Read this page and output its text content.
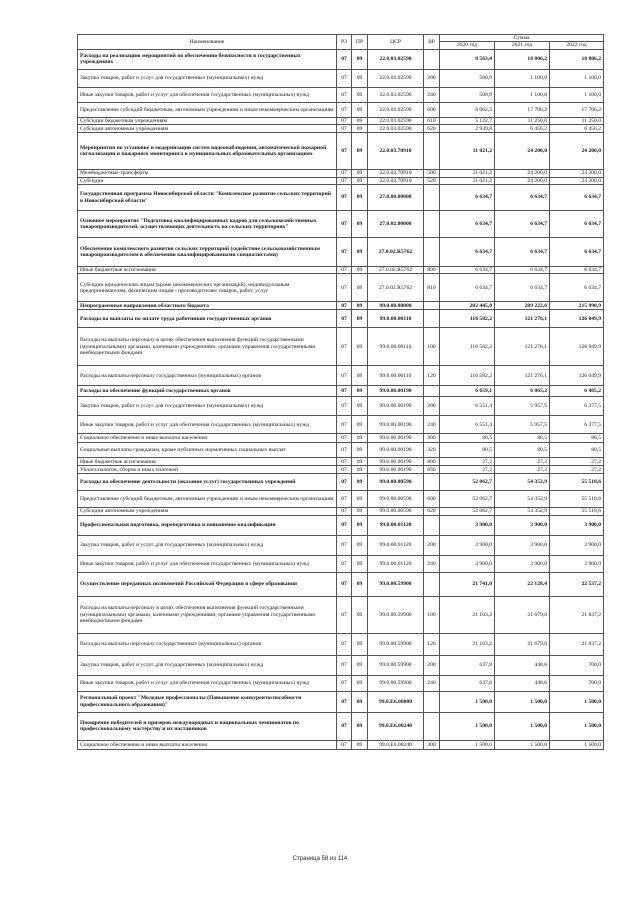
Наименование	РЗ	ПР	ЦСР	ВР	Сумма		
					2020 год	2021 год	2022 год
Расходы на реализацию мероприятий по обеспечению безопасности в государственных учреждениях	07	09	22.0.03.02590		8 563,4	18 806,2	18 806,2
Закупка товаров, работ и услуг для государственных (муниципальных) нужд	07	09	22.0.03.02590	200	500,9	1 100,0	1 100,0
Иные закупки товаров, работ и услуг для обеспечения государственных (муниципальных) нужд	07	09	22.0.03.02590	240	500,9	1 100,0	1 100,0
Предоставление субсидий бюджетным, автономным учреждениям и иным некоммерческим организациям	07	09	22.0.03.02590	600	8 062,5	17 706,2	17 706,2
Субсидии бюджетным учреждениям	07	09	22.0.03.02590	610	5 122,7	11 250,0	11 250,0
Субсидии автономным учреждениям	07	09	22.0.03.02590	620	2 939,8	6 456,2	6 456,2
Мероприятия по установке и модернизации систем видеонаблюдения, автоматической пожарной сигнализации и пожарного мониторинга в муниципальных образовательных организациях	07	09	22.0.03.70910		11 021,2	24 200,0	24 200,0
Межбюджетные трансферты	07	09	22.0.03.70910	500	11 021,2	24 200,0	24 200,0
Субсидии	07	09	22.0.03.70910	520	11 021,2	24 200,0	24 200,0
Государственная программа Новосибирской области "Комплексное развитие сельских территорий в Новосибирской области"	07	09	27.0.00.00000		6 634,7	6 634,7	6 634,7
Основное мероприятие "Подготовка квалифицированных кадров для сельскохозяйственных товаропроизводителей, осуществляющих деятельность на сельских территориях"	07	09	27.0.02.00000		6 634,7	6 634,7	6 634,7
Обеспечение комплексного развития сельских территорий (содействие сельскохозяйственным товаропроизводителям в обеспечении квалифицированными специалистами)	07	09	27.0.02.R5762		6 634,7	6 634,7	6 634,7
Иные бюджетные ассигнования	07	09	27.0.02.R5762	800	6 634,7	6 634,7	6 634,7
Субсидии юридическим лицам (кроме некоммерческих организаций), индивидуальным предпринимателям, физическим лицам - производителям товаров, работ, услуг	07	09	27.0.02.R5762	810	6 634,7	6 634,7	6 634,7
Непрограммные направления областного бюджета	07	09	99.0.00.00000		202 445,0	209 222,6	215 990,9
Расходы на выплаты по оплате труда работников государственных органов	07	09	99.0.00.00110		116 582,2	121 276,1	126 049,9
Расходы на выплаты персоналу в целях обеспечения выполнения функций государственными (муниципальными) органами, казенными учреждениями, органами управления государственными внебюджетными фондами	07	09	99.0.00.00110	100	116 582,2	121 276,1	126 049,9
Расходы на выплаты персоналу государственных (муниципальных) органов	07	09	99.0.00.00110	120	116 582,2	121 276,1	126 049,9
Расходы на обеспечение функций государственных органов	07	09	99.0.00.00190		6 659,1	6 065,2	6 485,2
Закупка товаров, работ и услуг для государственных (муниципальных) нужд	07	09	99.0.00.00190	200	6 551,4	5 957,5	6 377,5
Иные закупки товаров, работ и услуг для обеспечения государственных (муниципальных) нужд	07	09	99.0.00.00190	240	6 551,4	5 957,5	6 377,5
Социальное обеспечение и иные выплаты населению	07	09	99.0.00.00190	300	80,5	80,5	80,5
Социальные выплаты гражданам, кроме публичных нормативных социальных выплат	07	09	99.0.00.00190	320	80,5	80,5	80,5
Иные бюджетные ассигнования	07	09	99.0.00.00190	800	27,2	27,2	27,2
Уплата налогов, сборов и иных платежей	07	09	99.0.00.00190	850	27,2	27,2	27,2
Расходы на обеспечение деятельности (оказание услуг) государственных учреждений	07	09	99.0.00.00590		52 062,7	54 352,9	55 518,6
Предоставление субсидий бюджетным, автономным учреждениям и иным некоммерческим организациям	07	09	99.0.00.00590	600	52 062,7	54 352,9	55 518,6
Субсидии автономным учреждениям	07	09	99.0.00.00590	620	52 062,7	54 352,9	55 518,6
Профессиональная подготовка, переподготовка и повышение квалификации	07	09	99.0.00.01120		3 900,0	3 900,0	3 900,0
Закупка товаров, работ и услуг для государственных (муниципальных) нужд	07	09	99.0.00.01120	200	3 900,0	3 900,0	3 900,0
Иные закупки товаров, работ и услуг для обеспечения государственных (муниципальных) нужд	07	09	99.0.00.01120	240	3 900,0	3 900,0	3 900,0
Осуществление переданных полномочий Российской Федерации в сфере образования	07	09	99.0.00.59900		21 741,0	22 128,4	22 537,2
Расходы на выплаты персоналу в целях обеспечения выполнения функций государственными (муниципальными) органами, казенными учреждениями, органами управления государственными внебюджетными фондами	07	09	99.0.00.59900	100	21 103,2	21 679,8	21 837,2
Расходы на выплаты персоналу государственных (муниципальных) органов	07	09	99.0.00.59900	120	21 103,2	21 679,8	21 837,2
Закупка товаров, работ и услуг для государственных (муниципальных) нужд	07	09	99.0.00.59900	200	637,8	448,6	700,0
Иные закупки товаров, работ и услуг для обеспечения государственных (муниципальных) нужд	07	09	99.0.00.59900	240	637,8	448,6	700,0
Региональный проект "Молодые профессионалы (Повышение конкурентоспособности профессионального образования)"	07	09	99.0.E6.00000		1 500,0	1 500,0	1 500,0
Поощрение победителей и призеров международных и национальных чемпионатов по профессиональному мастерству и их наставников	07	09	99.0.E6.08240		1 500,0	1 500,0	1 500,0
Социальное обеспечение и иные выплаты населению	07	09	99.0.E6.08240	300	1 500,0	1 500,0	1 500,0
Страница 58 из 114
